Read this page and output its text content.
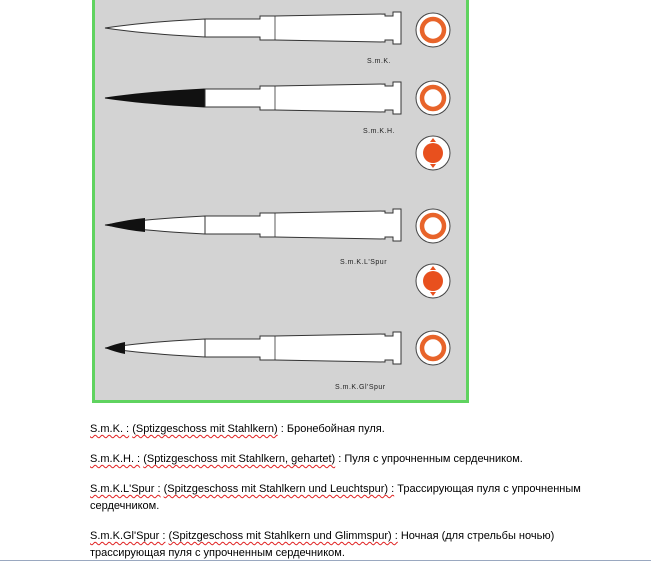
S.m.K.
S.m.K.H.
S.m.K.L'Spur
S.m.K.Gl'Spur
S.m.K. : (Sptizgeschoss mit Stahlkern) : Бронебойная пуля.
S.m.K.H. : (Sptizgeschoss mit Stahlkern, gehartet) : Пуля с упрочненным сердечником.
S.m.K.L'Spur : (Spitzgeschoss mit Stahlkern und Leuchtspur) : Трассирующая пуля с упрочненным сердечником.
S.m.K.Gl'Spur : (Spitzgeschoss mit Stahlkern und Glimmspur) : Ночная (для стрельбы ночью) трассирующая пуля с упрочненным сердечником.
